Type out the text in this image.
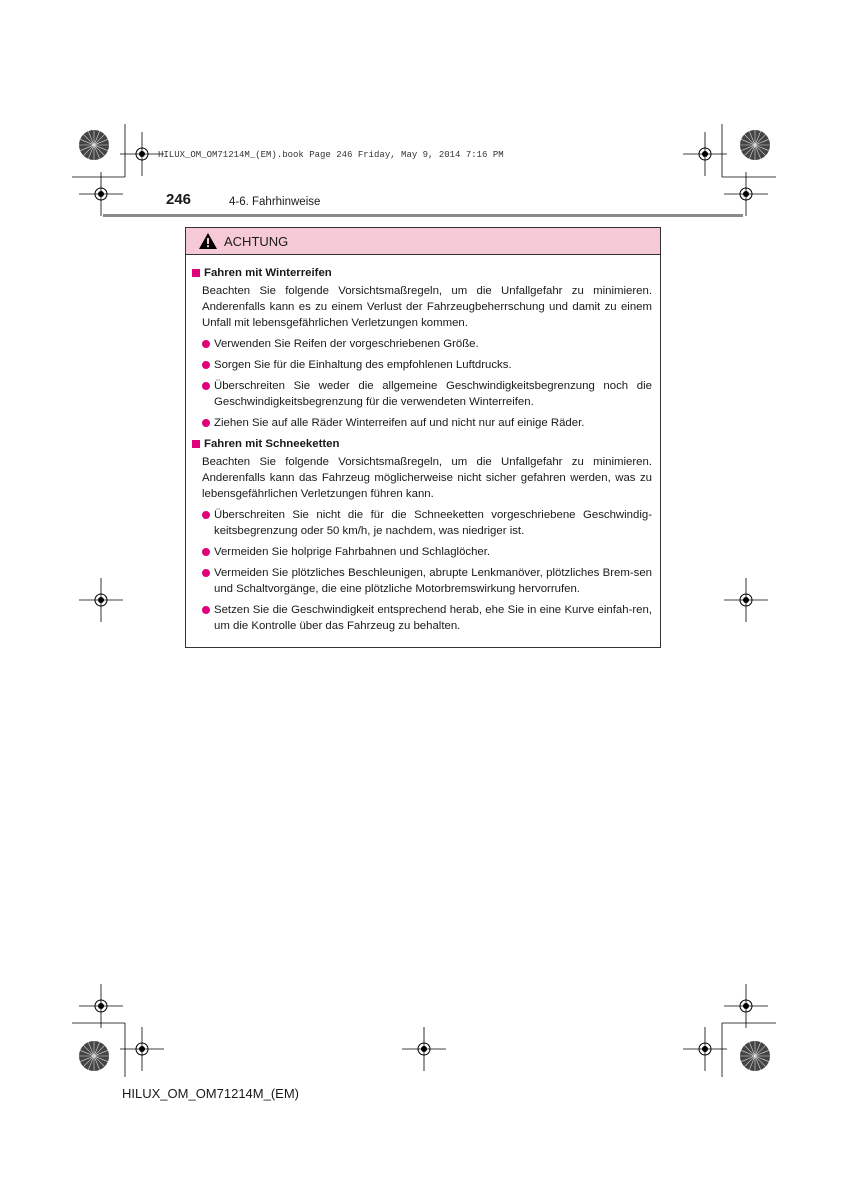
HILUX_OM_OM71214M_(EM).book Page 246 Friday, May 9, 2014 7:16 PM
246	4-6. Fahrhinweise
ACHTUNG
Fahren mit Winterreifen
Beachten Sie folgende Vorsichtsmaßregeln, um die Unfallgefahr zu minimieren. Anderenfalls kann es zu einem Verlust der Fahrzeugbeherrschung und damit zu einem Unfall mit lebensgefährlichen Verletzungen kommen.
Verwenden Sie Reifen der vorgeschriebenen Größe.
Sorgen Sie für die Einhaltung des empfohlenen Luftdrucks.
Überschreiten Sie weder die allgemeine Geschwindigkeitsbegrenzung noch die Geschwindigkeitsbegrenzung für die verwendeten Winterreifen.
Ziehen Sie auf alle Räder Winterreifen auf und nicht nur auf einige Räder.
Fahren mit Schneeketten
Beachten Sie folgende Vorsichtsmaßregeln, um die Unfallgefahr zu minimieren. Anderenfalls kann das Fahrzeug möglicherweise nicht sicher gefahren werden, was zu lebensgefährlichen Verletzungen führen kann.
Überschreiten Sie nicht die für die Schneeketten vorgeschriebene Geschwindig-keitsbegrenzung oder 50 km/h, je nachdem, was niedriger ist.
Vermeiden Sie holprige Fahrbahnen und Schlaglöcher.
Vermeiden Sie plötzliches Beschleunigen, abrupte Lenkmanöver, plötzliches Brem-sen und Schaltvorgänge, die eine plötzliche Motorbremswirkung hervorrufen.
Setzen Sie die Geschwindigkeit entsprechend herab, ehe Sie in eine Kurve einfah-ren, um die Kontrolle über das Fahrzeug zu behalten.
HILUX_OM_OM71214M_(EM)
